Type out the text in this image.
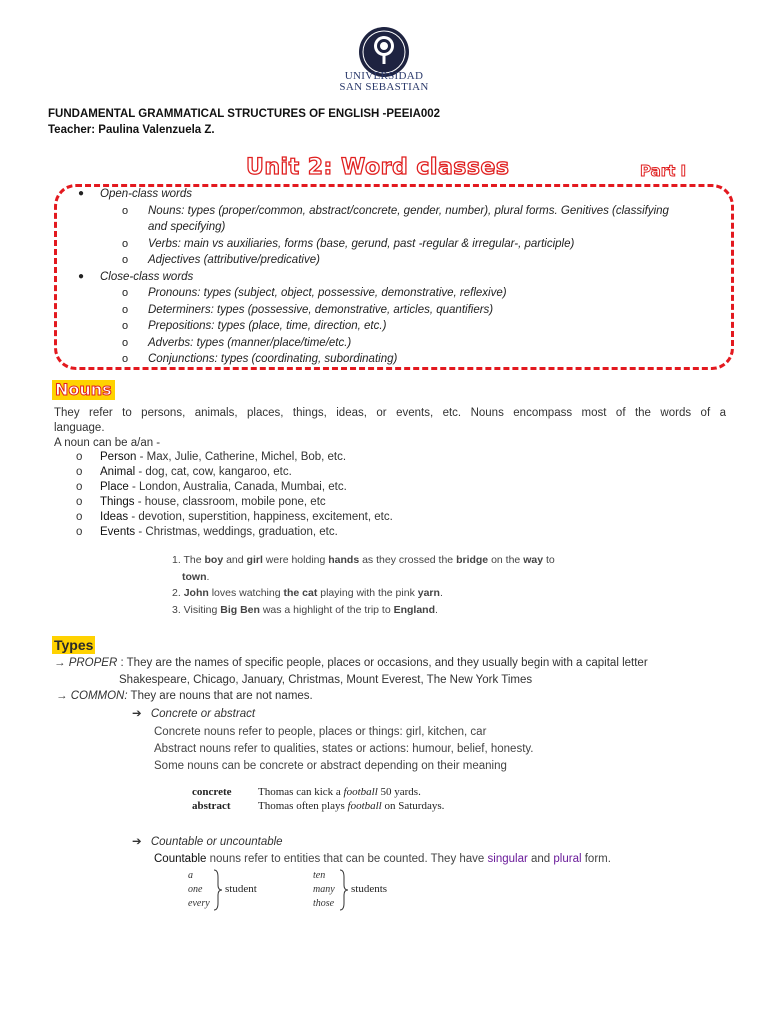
UNIVERSIDAD
SAN SEBASTIAN
FUNDAMENTAL GRAMMATICAL STRUCTURES OF ENGLISH -PEEIA002
Teacher: Paulina Valenzuela Z.
Unit 2: Word classes	Part I
● Open-class words
o Nouns: types (proper/common, abstract/concrete, gender, number), plural forms. Genitives (classifying
and specifying)
o Verbs: main vs auxiliaries, forms (base, gerund, past -regular & irregular-, participle)
o Adjectives (attributive/predicative)
● Close-class words
o Pronouns: types (subject, object, possessive, demonstrative, reflexive)
o Determiners: types (possessive, demonstrative, articles, quantifiers)
o Prepositions: types (place, time, direction, etc.)
o Adverbs: types (manner/place/time/etc.)
o Conjunctions: types (coordinating, subordinating)
Nouns
They refer to persons, animals, places, things, ideas, or events, etc. Nouns encompass most of the words of a
language.
A noun can be a/an -
o Person - Max, Julie, Catherine, Michel, Bob, etc.
o Animal - dog, cat, cow, kangaroo, etc.
o Place - London, Australia, Canada, Mumbai, etc.
o Things - house, classroom, mobile pone, etc
o Ideas - devotion, superstition, happiness, excitement, etc.
o Events - Christmas, weddings, graduation, etc.
1. The boy and girl were holding hands as they crossed the bridge on the way to
town.
2. John loves watching the cat playing with the pink yarn.
3. Visiting Big Ben was a highlight of the trip to England.
Types
→ PROPER : They are the names of specific people, places or occasions, and they usually begin with a capital letter
Shakespeare, Chicago, January, Christmas, Mount Everest, The New York Times
→ COMMON: They are nouns that are not names.
➔ Concrete or abstract
Concrete nouns refer to people, places or things: girl, kitchen, car
Abstract nouns refer to qualities, states or actions: humour, belief, honesty.
Some nouns can be concrete or abstract depending on their meaning
concrete Thomas can kick a football 50 yards.
abstract	Thomas often plays football on Saturdays.
➔ Countable or uncountable
Countable nouns refer to entities that can be counted. They have singular and plural form.
a
one
every
student
ten
many
those
students
